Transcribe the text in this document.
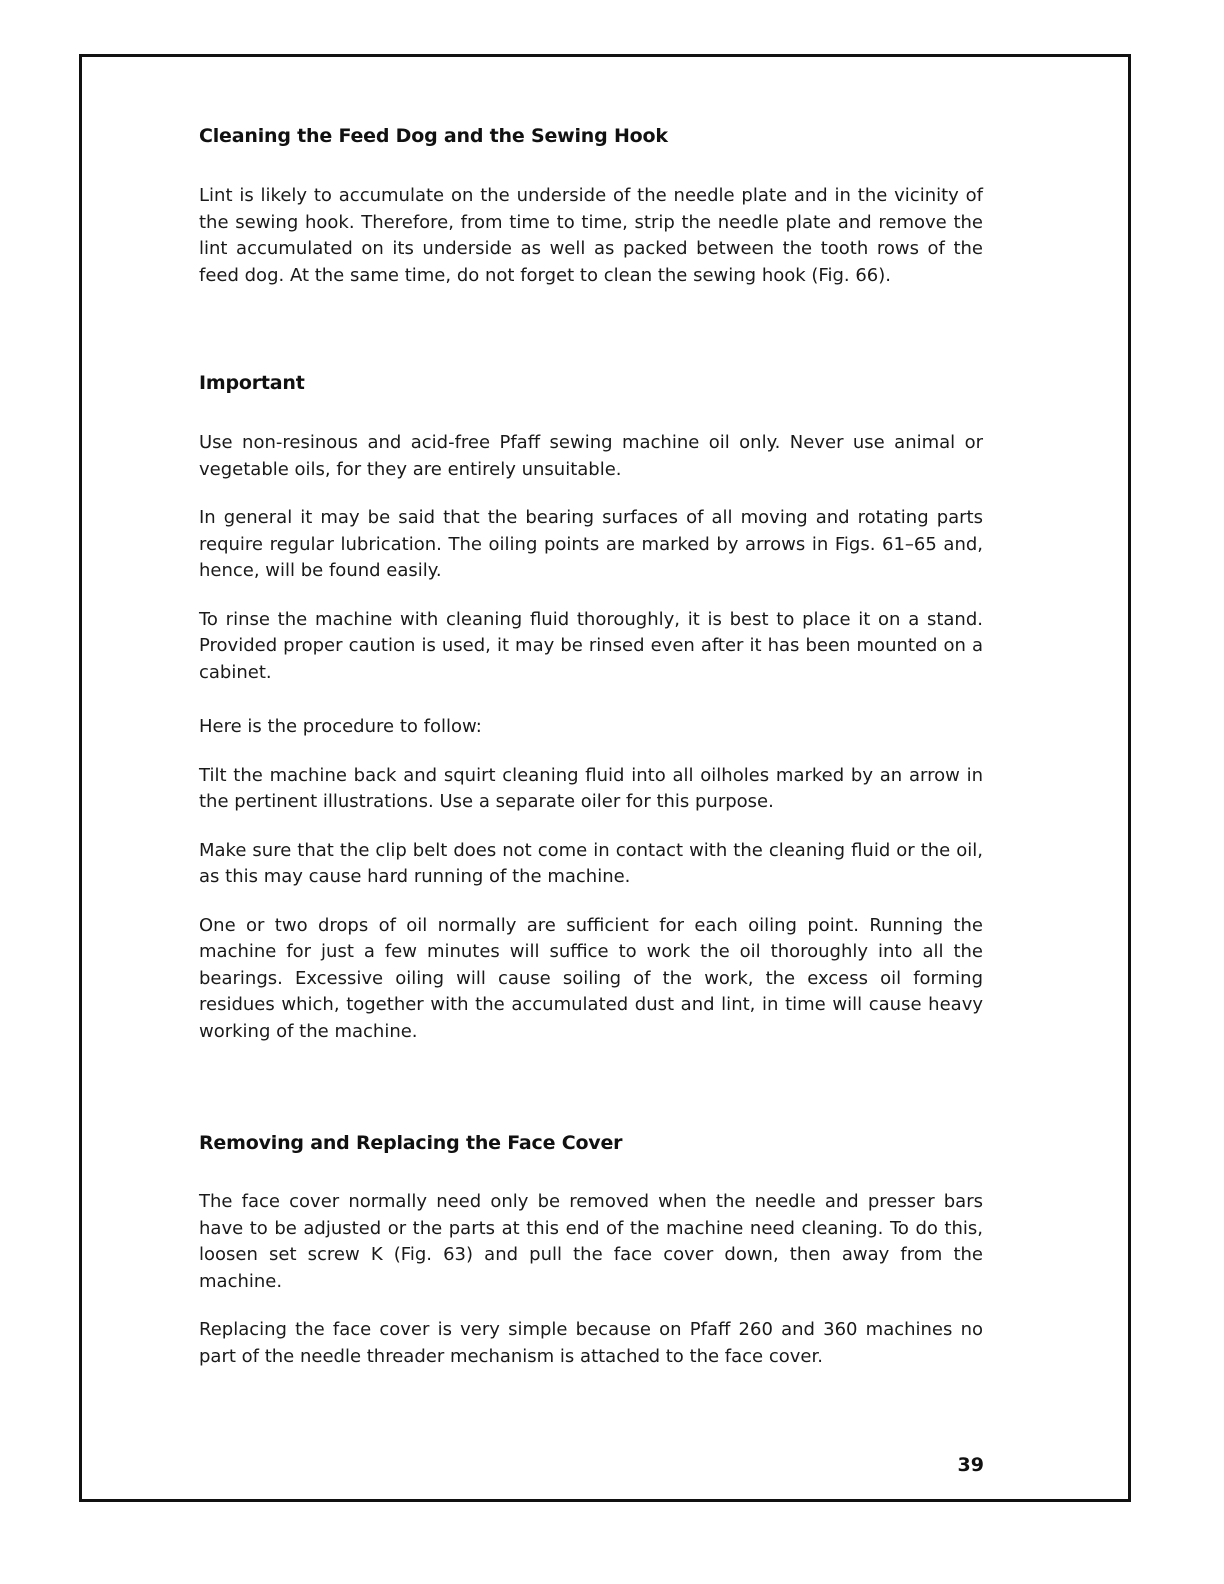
Cleaning the Feed Dog and the Sewing Hook

Lint is likely to accumulate on the underside of the needle plate and in the vicinity of the sewing hook. Therefore, from time to time, strip the needle plate and remove the lint accumulated on its underside as well as packed between the tooth rows of the feed dog. At the same time, do not forget to clean the sewing hook (Fig. 66).

Important

Use non-resinous and acid-free Pfaff sewing machine oil only. Never use animal or vegetable oils, for they are entirely unsuitable.

In general it may be said that the bearing surfaces of all moving and rotating parts require regular lubrication. The oiling points are marked by arrows in Figs. 61–65 and, hence, will be found easily.

To rinse the machine with cleaning fluid thoroughly, it is best to place it on a stand. Provided proper caution is used, it may be rinsed even after it has been mounted on a cabinet.

Here is the procedure to follow:

Tilt the machine back and squirt cleaning fluid into all oilholes marked by an arrow in the pertinent illustrations. Use a separate oiler for this purpose.

Make sure that the clip belt does not come in contact with the cleaning fluid or the oil, as this may cause hard running of the machine.

One or two drops of oil normally are sufficient for each oiling point. Running the machine for just a few minutes will suffice to work the oil thoroughly into all the bearings. Excessive oiling will cause soiling of the work, the excess oil forming residues which, together with the accumulated dust and lint, in time will cause heavy working of the machine.

Removing and Replacing the Face Cover

The face cover normally need only be removed when the needle and presser bars have to be adjusted or the parts at this end of the machine need cleaning. To do this, loosen set screw K (Fig. 63) and pull the face cover down, then away from the machine.

Replacing the face cover is very simple because on Pfaff 260 and 360 machines no part of the needle threader mechanism is attached to the face cover.

39
